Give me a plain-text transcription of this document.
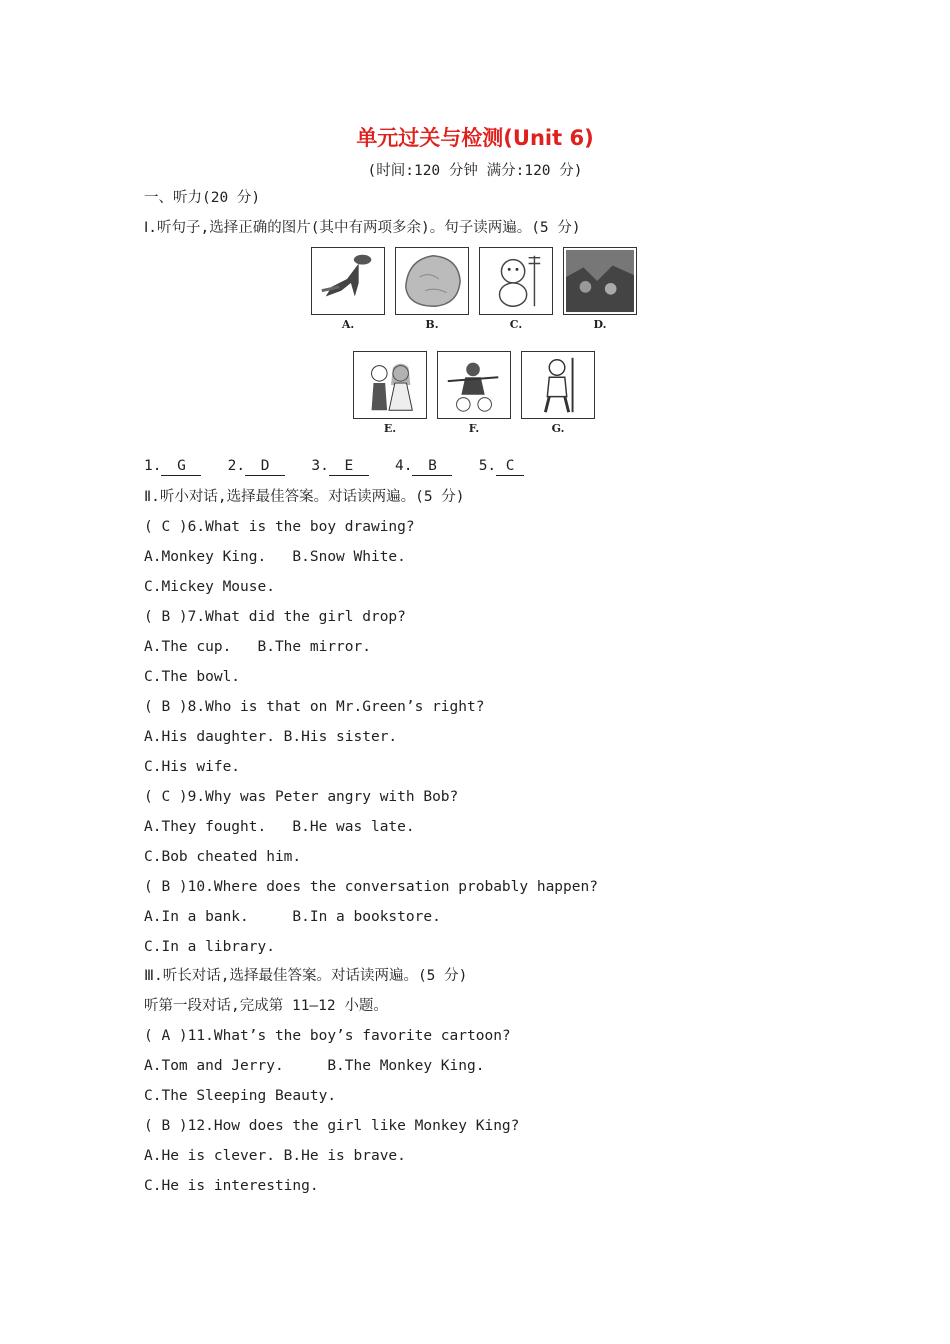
单元过关与检测(Unit 6)
(时间:120 分钟 满分:120 分)
一、听力(20 分)
Ⅰ.听句子,选择正确的图片(其中有两项多余)。句子读两遍。(5 分)
A.	B.	C.	D.
E.	F.	G.
1. G	2. D	3. E	4. B	5. C
Ⅱ.听小对话,选择最佳答案。对话读两遍。(5 分)
( C )6.What is the boy drawing?
A.Monkey King.   B.Snow White.
C.Mickey Mouse.
( B )7.What did the girl drop?
A.The cup.   B.The mirror.
C.The bowl.
( B )8.Who is that on Mr.Green’s right?
A.His daughter. B.His sister.
C.His wife.
( C )9.Why was Peter angry with Bob?
A.They fought.   B.He was late.
C.Bob cheated him.
( B )10.Where does the conversation probably happen?
A.In a bank.     B.In a bookstore.
C.In a library.
Ⅲ.听长对话,选择最佳答案。对话读两遍。(5 分)
听第一段对话,完成第 11—12 小题。
( A )11.What’s the boy’s favorite cartoon?
A.Tom and Jerry.     B.The Monkey King.
C.The Sleeping Beauty.
( B )12.How does the girl like Monkey King?
A.He is clever. B.He is brave.
C.He is interesting.
